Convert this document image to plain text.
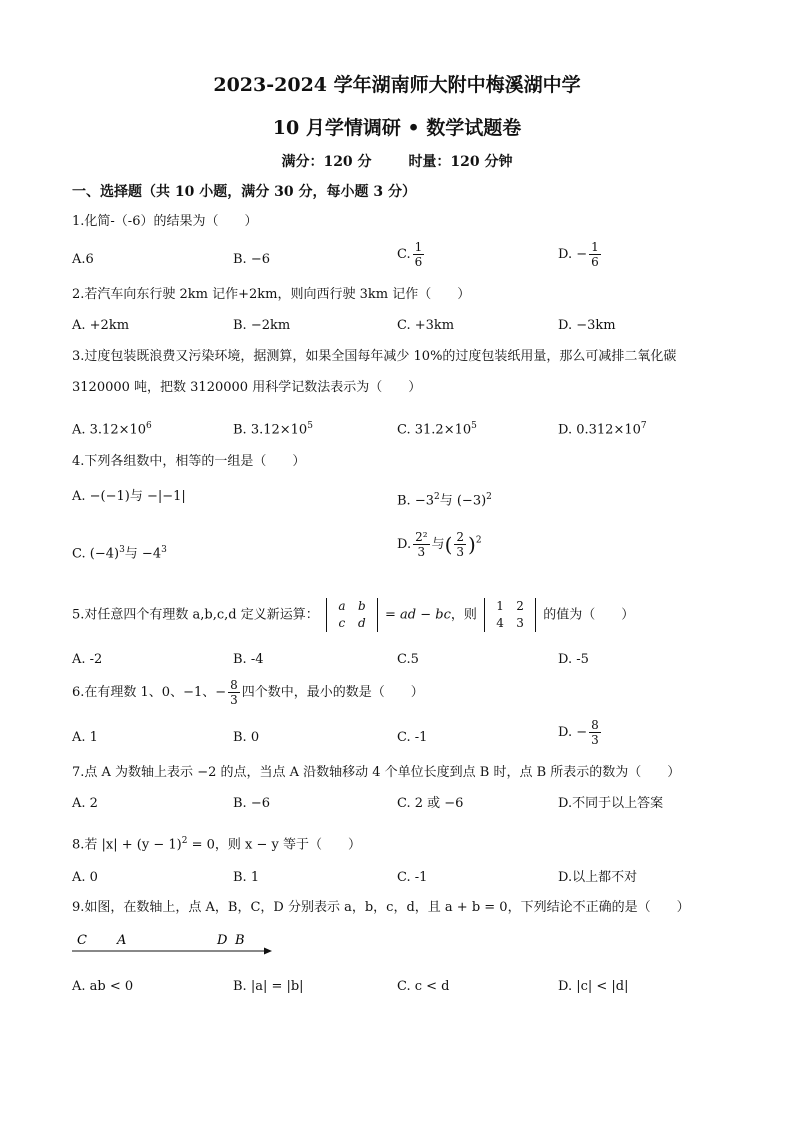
2023-2024 学年湖南师大附中梅溪湖中学
10 月学情调研 • 数学试题卷
满分：120 分	时量：120 分钟
一、选择题（共 10 小题，满分 30 分，每小题 3 分）
1.化简-（-6）的结果为（　　）
A.6	B. −6	C. $\frac{1}{6}$	D. − $\frac{1}{6}$
2.若汽车向东行驶 2km 记作+2km，则向西行驶 3km 记作（　　）
A. +2km	B. −2km	C. +3km	D. −3km
3.过度包装既浪费又污染环境，据测算，如果全国每年减少 10%的过度包装纸用量，那么可减排二氧化碳
3120000 吨，把数 3120000 用科学记数法表示为（　　）
A. $3.12\times 10^6$	B. $3.12\times 10^5$	C. $31.2\times 10^5$	D. $0.312\times 10^7$
4.下列各组数中，相等的一组是（　　）
A. −(−1)与 −|−1|	B. $-3^2$与 $(-3)^2$
C. $(-4)^3$与 $-4^3$	D. $\frac{\text{2²}}{3}$ 与( $\frac{2}{3} )^2$
5.对任意四个有理数 a,b,c,d 定义新运算：
a b
c d
= ad − bc，则
1 2
4 3
的值为（　　）
A. -2	B. -4	C.5	D. -5
6.在有理数 1、0、−1、− $\frac{8}{3}$ 四个数中，最小的数是（　　）
A. 1	B. 0	C. -1	D. − $\frac{8}{3}$
7.点 A 为数轴上表示 −2 的点，当点 A 沿数轴移动 4 个单位长度到点 B 时，点 B 所表示的数为（　　）
A. 2	B. −6	C. 2 或 −6	D.不同于以上答案
8.若 $|x| + (y - 1)^2 = 0$，则 x − y 等于（　　）
A. 0	B. 1	C. -1	D.以上都不对
9.如图，在数轴上，点 A，B，C，D 分别表示 a，b，c，d，且 a + b = 0，下列结论不正确的是（　　）
C A	D B
A. ab < 0	B. |a| = |b|	C. c < d	D. |c| < |d|
